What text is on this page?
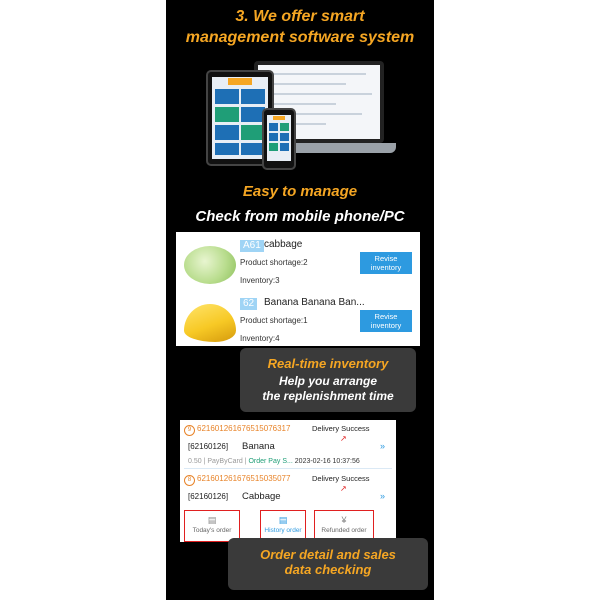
3. We offer smart

management software system

Easy to manage

Check from mobile phone/PC

A61 cabbage
Product shortage:2
Inventory:3
Revise inventory
62 Banana Banana Ban...
Product shortage:1
Inventory:4
Revise inventory
Real-time inventory
Help you arrange
the replenishment time
9 621601261676515076317	Delivery Success
↗
[62160126] Banana	»
0.50 | PayByCard | Order Pay S... 2023-02-16 10:37:56
8 621601261676515035077	Delivery Success
↗
[62160126] Cabbage	»
▤
Today's order
▤
History order
¥
Refunded order
Order detail and sales
data checking
